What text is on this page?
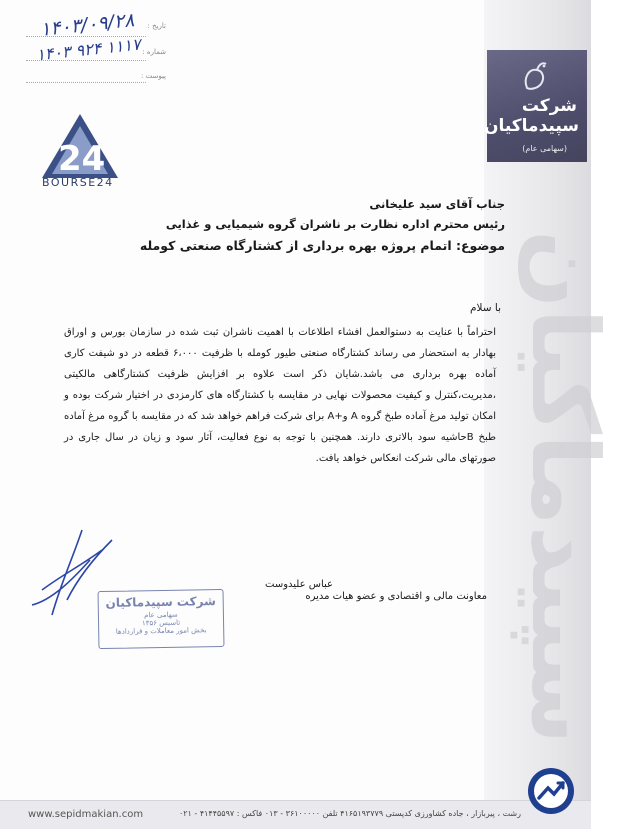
سپیدماکیان
شرکت
سپیدماکیان
(سهامی عام)
تاریخ :
۱۴۰۳/۰۹/۲۸
شماره :
۱۴۰۳ ۹۲۴ ۱۱۱۷
پیوست :
24
BOURSE24
جناب آقای سید علیخانی
رئیس محترم اداره نظارت بر ناشران گروه شیمیایی و غذایی
موضوع: اتمام پروژه بهره برداری از کشتارگاه صنعتی کومله
با سلام
احتراماً با عنایت به دستوالعمل افشاء اطلاعات با اهمیت ناشران ثبت شده در سازمان بورس و اوراق بهادار به استحضار می رساند کشتارگاه صنعتی طیور کومله با ظرفیت ۶،۰۰۰ قطعه در دو شیفت کاری آماده بهره برداری می باشد.شایان ذکر است علاوه بر افزایش ظرفیت کشتارگاهی مالکیتی ،مدیریت،کنترل و کیفیت محصولات نهایی در مقایسه با کشتارگاه های کارمزدی در اختیار شرکت بوده و امکان تولید مرغ آماده طبخ گروه A و+A برای شرکت فراهم خواهد شد که در مقایسه با گروه مرغ آماده طبخ Bحاشیه سود بالاتری دارند. همچنین با توجه به نوع فعالیت، آثار سود و زیان در سال جاری در صورتهای مالی شرکت انعکاس خواهد یافت.
عباس علیدوست
معاونت مالی و اقتصادی و عضو هیات مدیره
شرکت سپیدماکیان
سهامی عام
تاسیس ۱۳۵۶
بخش امور معاملات و قراردادها
www.sepidmakian.com	رشت ، پیربازار ، جاده کشاورزی کدپستی ۴۱۶۵۱۹۳۷۷۹ تلفن ۳۶۱۰۰۰۰۰ - ۰۱۳ فاکس : ۴۱۴۴۵۵۹۷ - ۰۲۱
